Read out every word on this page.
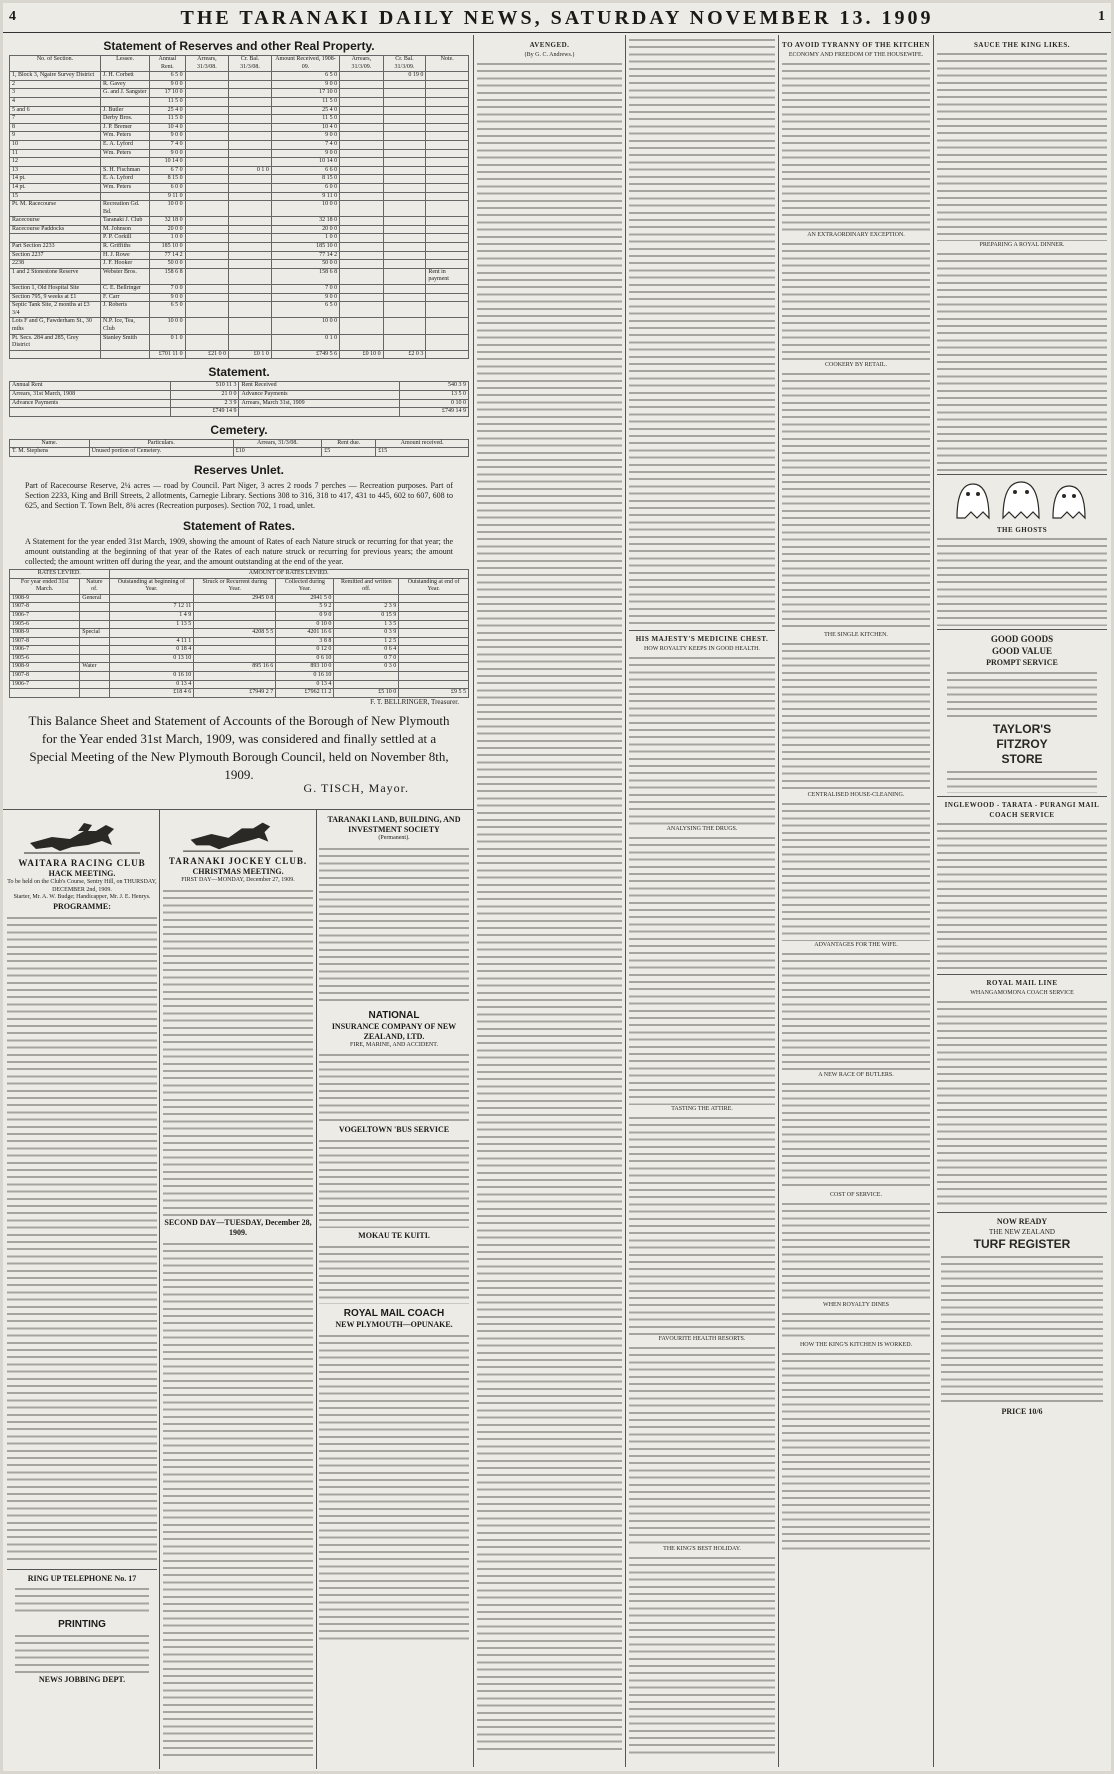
4	THE TARANAKI DAILY NEWS, SATURDAY NOVEMBER 13. 1909	1
Statement of Reserves and other Real Property.
No. of Section.	Lessee.	Annual Rent.	Arrears, 31/3/08.	Cr. Bal. 31/3/08.	Amount Received, 1908-09.	Arrears, 31/3/09.	Cr. Bal. 31/3/09.	Note.
1, Block 3, Ngaire Survey District	J. H. Corbett	6 5 0			6 5 0		0 19 0	
2	R. Gavey	9 0 0			9 0 0			
3	G. and J. Sangster	17 10 0			17 10 0			
4		11 5 0			11 5 0			
5 and 6	J. Butler	25 4 0			25 4 0			
7	Derby Bros.	11 5 0			11 5 0			
8	J. P. Bremer	10 4 0			10 4 0			
9	Wm. Peters	9 0 0			9 0 0			
10	E. A. Lyford	7 4 0			7 4 0			
11	Wm. Peters	9 0 0			9 0 0			
12		10 14 0			10 14 0			
13	S. H. Fischman	6 7 0		0 1 0	6 6 0			
14 pt.	E. A. Lyford	8 15 0			8 15 0			
14 pt.	Wm. Peters	6 0 0			6 0 0			
15		9 11 0			9 11 0			
Pt. M. Racecourse	Recreation Gd. Bd.	10 0 0			10 0 0			
Racecourse	Taranaki J. Club	32 18 0			32 18 0			
Racecourse Paddocks	M. Johnson	20 0 0			20 0 0			
	P. P. Corkill	1 0 0			1 0 0			
Part Section 2233	R. Griffiths	185 10 0			185 10 0			
Section 2237	H. J. Rowe	77 14 2			77 14 2			
2238	J. F. Hooker	50 0 0			50 0 0			
1 and 2 Stonestone Reserve	Webster Bros.	158 6 8			158 6 8			Rent in payment
Section 1, Old Hospital Site	C. E. Bellringer	7 0 0			7 0 0			
Section 795, 9 weeks at £1	F. Carr	9 0 0			9 0 0			
Septic Tank Site, 2 months at £3 3/4	J. Roberts	6 5 0			6 5 0			
Lots F and G, Fawderham St., 30 mths	N.P. Ice, Tea, Club	10 0 0			10 0 0			
Pt. Secs. 284 and 285, Grey District	Stanley Smith	0 1 0			0 1 0			
		£701 11 0	£21 0 0	£0 1 0	£749 5 6	£0 10 0	£2 0 3	
Statement.
Annual Rent	510 11 3	Rent Received	540 3 9
Arrears, 31st March, 1908	21 0 0	Advance Payments	13 5 0
Advance Payments	2 3 9	Arrears, March 31st, 1909	0 10 0
	£749 14 9		£749 14 9
Cemetery.
Name.	Particulars.	Arrears, 31/3/08.	Rent due.	Amount received.
T. M. Stephens	Unused portion of Cemetery.	£10	£5	£15
Reserves Unlet.
Part of Racecourse Reserve, 2¼ acres — road by Council. Part Niger, 3 acres 2 roods 7 perches — Recreation purposes. Part of Section 2233, King and Brill Streets, 2 allotments, Carnegie Library. Sections 308 to 316, 318 to 417, 431 to 445, 602 to 607, 608 to 625, and Section T. Town Belt, 8¾ acres (Recreation purposes). Section 702, 1 road, unlet.
Statement of Rates.
A Statement for the year ended 31st March, 1909, showing the amount of Rates of each Nature struck or recurring for that year; the amount outstanding at the beginning of that year of the Rates of each nature struck or recurring for previous years; the amount collected; the amount written off during the year, and the amount outstanding at the end of the year.
RATES LEVIED.		AMOUNT OF RATES LEVIED.				
For year ended 31st March.	Nature of.	Outstanding at beginning of Year.	Struck or Recurrent during Year.	Collected during Year.	Remitted and written off.	Outstanding at end of Year.
1908-9	General		2945 0 8	2941 5 0		
1907-8		7 12 11		5 9 2	2 3 9	
1906-7		1 4 9		0 9 0	0 15 9	
1905-6		1 13 5		0 10 0	1 3 5	
1908-9	Special		4208 5 5	4201 16 6	0 3 9	
1907-8		4 11 1		3 8 8	1 2 5	
1906-7		0 18 4		0 12 0	0 6 4	
1905-6		0 13 10		0 6 10	0 7 0	
1908-9	Water		895 16 6	893 10 0	0 3 0	
1907-8		0 16 10		0 16 10		
1906-7		0 13 4		0 13 4		
		£18 4 6	£7949 2 7	£7962 11 2	£5 10 0	£9 5 5
F. T. BELLRINGER, Treasurer.
This Balance Sheet and Statement of Accounts of the Borough of New Plymouth for the Year ended 31st March, 1909, was considered and finally settled at a Special Meeting of the New Plymouth Borough Council, held on November 8th, 1909.
G. TISCH, Mayor.
WAITARA RACING CLUB
HACK MEETING.
To be held on the Club's Course, Sentry Hill, on THURSDAY, DECEMBER 2nd, 1909.
Starter, Mr. A. W. Budge; Handicapper, Mr. J. E. Henrys.
PROGRAMME:
RING UP TELEPHONE No. 17
PRINTING
NEWS JOBBING DEPT.
TARANAKI JOCKEY CLUB.
CHRISTMAS MEETING.
FIRST DAY—MONDAY, December 27, 1909.
SECOND DAY—TUESDAY, December 28, 1909.
TARANAKI LAND, BUILDING, AND INVESTMENT SOCIETY
(Permanent).
NATIONAL
INSURANCE COMPANY OF NEW ZEALAND, LTD.
FIRE, MARINE, AND ACCIDENT.
VOGELTOWN 'BUS SERVICE
MOKAU TE KUITI.
ROYAL MAIL COACH
NEW PLYMOUTH—OPUNAKE.
AVENGED.
(By G. C. Andrews.)
HIS MAJESTY'S MEDICINE CHEST.
HOW ROYALTY KEEPS IN GOOD HEALTH.
ANALYSING THE DRUGS.
TASTING THE ATTIRE.
FAVOURITE HEALTH RESORTS.
THE KING'S BEST HOLIDAY.
TO AVOID TYRANNY OF THE KITCHEN
ECONOMY AND FREEDOM OF THE HOUSEWIFE.
AN EXTRAORDINARY EXCEPTION.
COOKERY BY RETAIL.
THE SINGLE KITCHEN.
CENTRALISED HOUSE-CLEANING.
ADVANTAGES FOR THE WIFE.
A NEW RACE OF BUTLERS.
COST OF SERVICE.
WHEN ROYALTY DINES
HOW THE KING'S KITCHEN IS WORKED.
SAUCE THE KING LIKES.
PREPARING A ROYAL DINNER.
THE GHOSTS
GOOD GOODS
GOOD VALUE
PROMPT SERVICE
TAYLOR'S
FITZROY
STORE
INGLEWOOD - TARATA - PURANGI MAIL COACH SERVICE
ROYAL MAIL LINE
WHANGAMOMONA COACH SERVICE
NOW READY
THE NEW ZEALAND
TURF REGISTER
PRICE 10/6
